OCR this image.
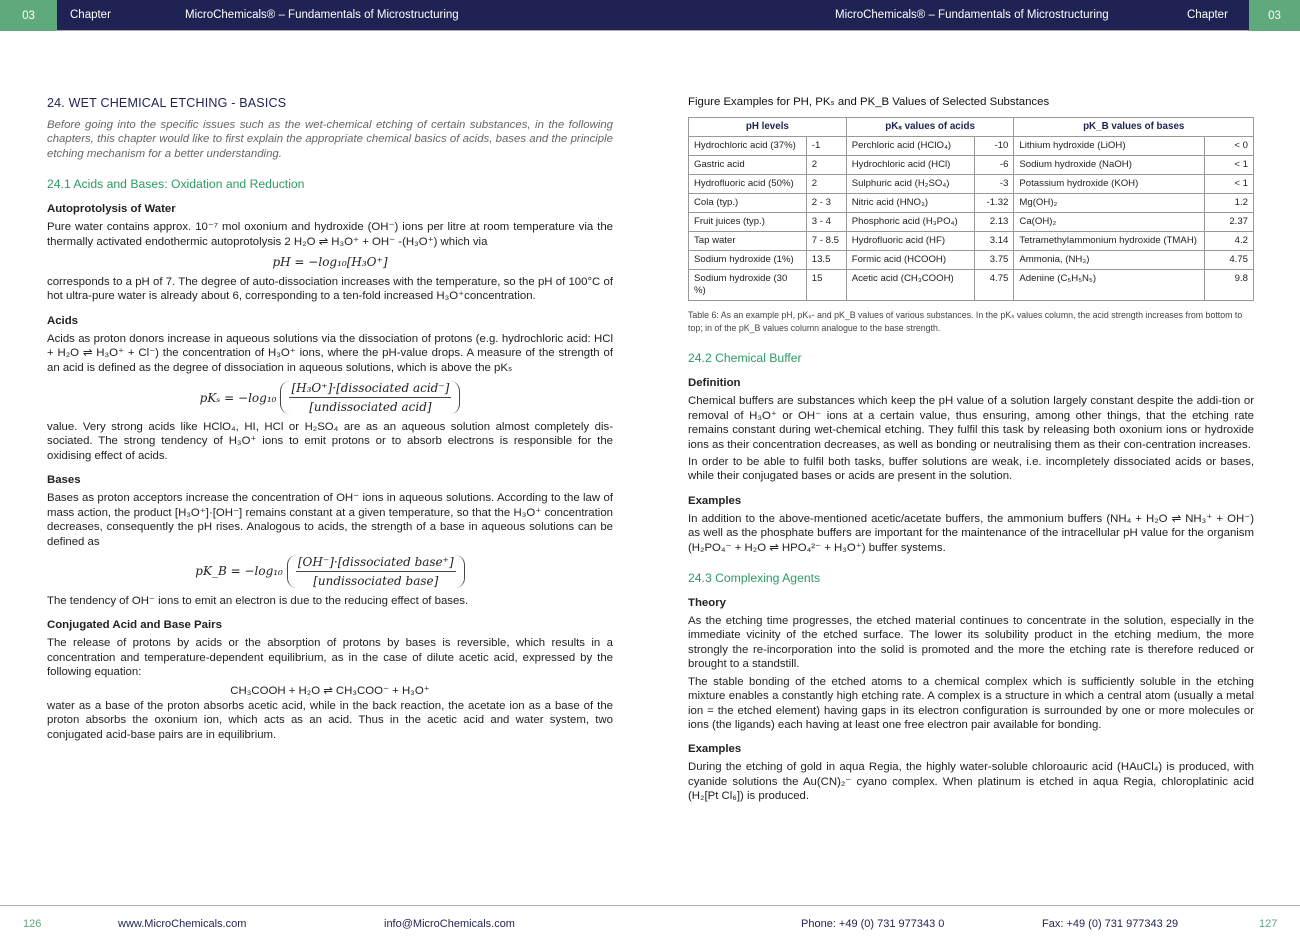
03	Chapter	MicroChemicals® – Fundamentals of Microstructuring	MicroChemicals® – Fundamentals of Microstructuring	Chapter	03
24. WET CHEMICAL ETCHING - BASICS
Before going into the specific issues such as the wet-chemical etching of certain substances, in the following chapters, this chapter would like to first explain the appropriate chemical basics of acids, bases and the principle etching mechanism for a better understanding.
24.1 Acids and Bases: Oxidation and Reduction
Autoprotolysis of Water
Pure water contains approx. 10⁻⁷ mol oxonium and hydroxide (OH⁻) ions per litre at room temperature via the thermally activated endothermic autoprotolysis 2 H₂O ⇌ H₃O⁺ + OH⁻ -(H₃O⁺) which via
pH = −log₁₀[H₃O⁺]
corresponds to a pH of 7. The degree of auto-dissociation increases with the temperature, so the pH of 100°C of hot ultra-pure water is already about 6, corresponding to a ten-fold increased H₃O⁺concentration.
Acids
Acids as proton donors increase in aqueous solutions via the dissociation of protons (e.g. hydrochloric acid: HCl + H₂O ⇌ H₃O⁺ + Cl⁻) the concentration of H₃O⁺ ions, where the pH-value drops. A measure of the strength of an acid is defined as the degree of dissociation in aqueous solutions, which is above the pKₛ
$pK_s = -\log_{10} \frac{\text{[H₃O⁺]·[dissociated acid⁻]}}{\text{[undissociated acid]}}$
value. Very strong acids like HClO₄, HI, HCl or H₂SO₄ are as an aqueous solution almost completely dis-sociated. The strong tendency of H₃O⁺ ions to emit protons or to absorb electrons is responsible for the oxidising effect of acids.
Bases
Bases as proton acceptors increase the concentration of OH⁻ ions in aqueous solutions. According to the law of mass action, the product [H₃O⁺]·[OH⁻] remains constant at a given temperature, so that the H₃O⁺ concentration decreases, consequently the pH rises. Analogous to acids, the strength of a base in aqueous solutions can be defined as
pK_B = $-\log_{10} \frac{\text{[OH⁻]·[dissociated base⁺]}}{\text{[undissociated base]}}$
The tendency of OH⁻ ions to emit an electron is due to the reducing effect of bases.
Conjugated Acid and Base Pairs
The release of protons by acids or the absorption of protons by bases is reversible, which results in a concentration and temperature-dependent equilibrium, as in the case of dilute acetic acid, expressed by the following equation:
CH₃COOH + H₂O ⇌ CH₃COO⁻ + H₃O⁺
water as a base of the proton absorbs acetic acid, while in the back reaction, the acetate ion as a base of the proton absorbs the oxonium ion, which acts as an acid. Thus in the acetic acid and water system, two conjugated acid-base pairs are in equilibrium.
Figure Examples for PH, PKₛ and PK_B Values of Selected Substances
pH levels		pKₛ values of acids		pK_B values of bases	
Hydrochloric acid (37%)	-1	Perchloric acid (HClO₄)	-10	Lithium hydroxide (LiOH)	< 0
Gastric acid	2	Hydrochloric acid (HCl)	-6	Sodium hydroxide (NaOH)	< 1
Hydrofluoric acid (50%)	2	Sulphuric acid (H₂SO₄)	-3	Potassium hydroxide (KOH)	< 1
Cola (typ.)	2 - 3	Nitric acid (HNO₃)	-1.32	Mg(OH)₂	1.2
Fruit juices (typ.)	3 - 4	Phosphoric acid (H₃PO₄)	2.13	Ca(OH)₂	2.37
Tap water	7 - 8.5	Hydrofluoric acid (HF)	3.14	Tetramethylammonium hydroxide (TMAH)	4.2
Sodium hydroxide (1%)	13.5	Formic acid (HCOOH)	3.75	Ammonia, (NH₃)	4.75
Sodium hydroxide (30 %)	15	Acetic acid (CH₃COOH)	4.75	Adenine (C₅H₅N₅)	9.8
Table 6: As an example pH, pKₛ- and pK_B values of various substances. In the pKₛ values column, the acid strength increases from bottom to top; in of the pK_B values column analogue to the base strength.
24.2 Chemical Buffer
Definition
Chemical buffers are substances which keep the pH value of a solution largely constant despite the addi-tion or removal of H₃O⁺ or OH⁻ ions at a certain value, thus ensuring, among other things, that the etching rate remains constant during wet-chemical etching. They fulfil this task by releasing both oxonium ions or hydroxide ions as their concentration decreases, as well as bonding or neutralising them as their con-centration increases.
In order to be able to fulfil both tasks, buffer solutions are weak, i.e. incompletely dissociated acids or bases, while their conjugated bases or acids are present in the solution.
Examples
In addition to the above-mentioned acetic/acetate buffers, the ammonium buffers (NH₄ + H₂O ⇌ NH₃⁺ + OH⁻) as well as the phosphate buffers are important for the maintenance of the intracellular pH value for the organism (H₂PO₄⁻ + H₂O ⇌ HPO₄²⁻ + H₃O⁺) buffer systems.
24.3 Complexing Agents
Theory
As the etching time progresses, the etched material continues to concentrate in the solution, especially in the immediate vicinity of the etched surface. The lower its solubility product in the etching medium, the more strongly the re-incorporation into the solid is promoted and the more the etching rate is therefore reduced or brought to a standstill.
The stable bonding of the etched atoms to a chemical complex which is sufficiently soluble in the etching mixture enables a constantly high etching rate. A complex is a structure in which a central atom (usually a metal ion = the etched element) having gaps in its electron configuration is surrounded by one or more molecules or ions (the ligands) each having at least one free electron pair available for bonding.
Examples
During the etching of gold in aqua Regia, the highly water-soluble chloroauric acid (HAuCl₄) is produced, with cyanide solutions the Au(CN)₂⁻ cyano complex. When platinum is etched in aqua Regia, chloroplatinic acid (H₂[Pt Cl₆]) is produced.
126	www.MicroChemicals.com	info@MicroChemicals.com	Phone: +49 (0) 731 977343 0	Fax: +49 (0) 731 977343 29	127
